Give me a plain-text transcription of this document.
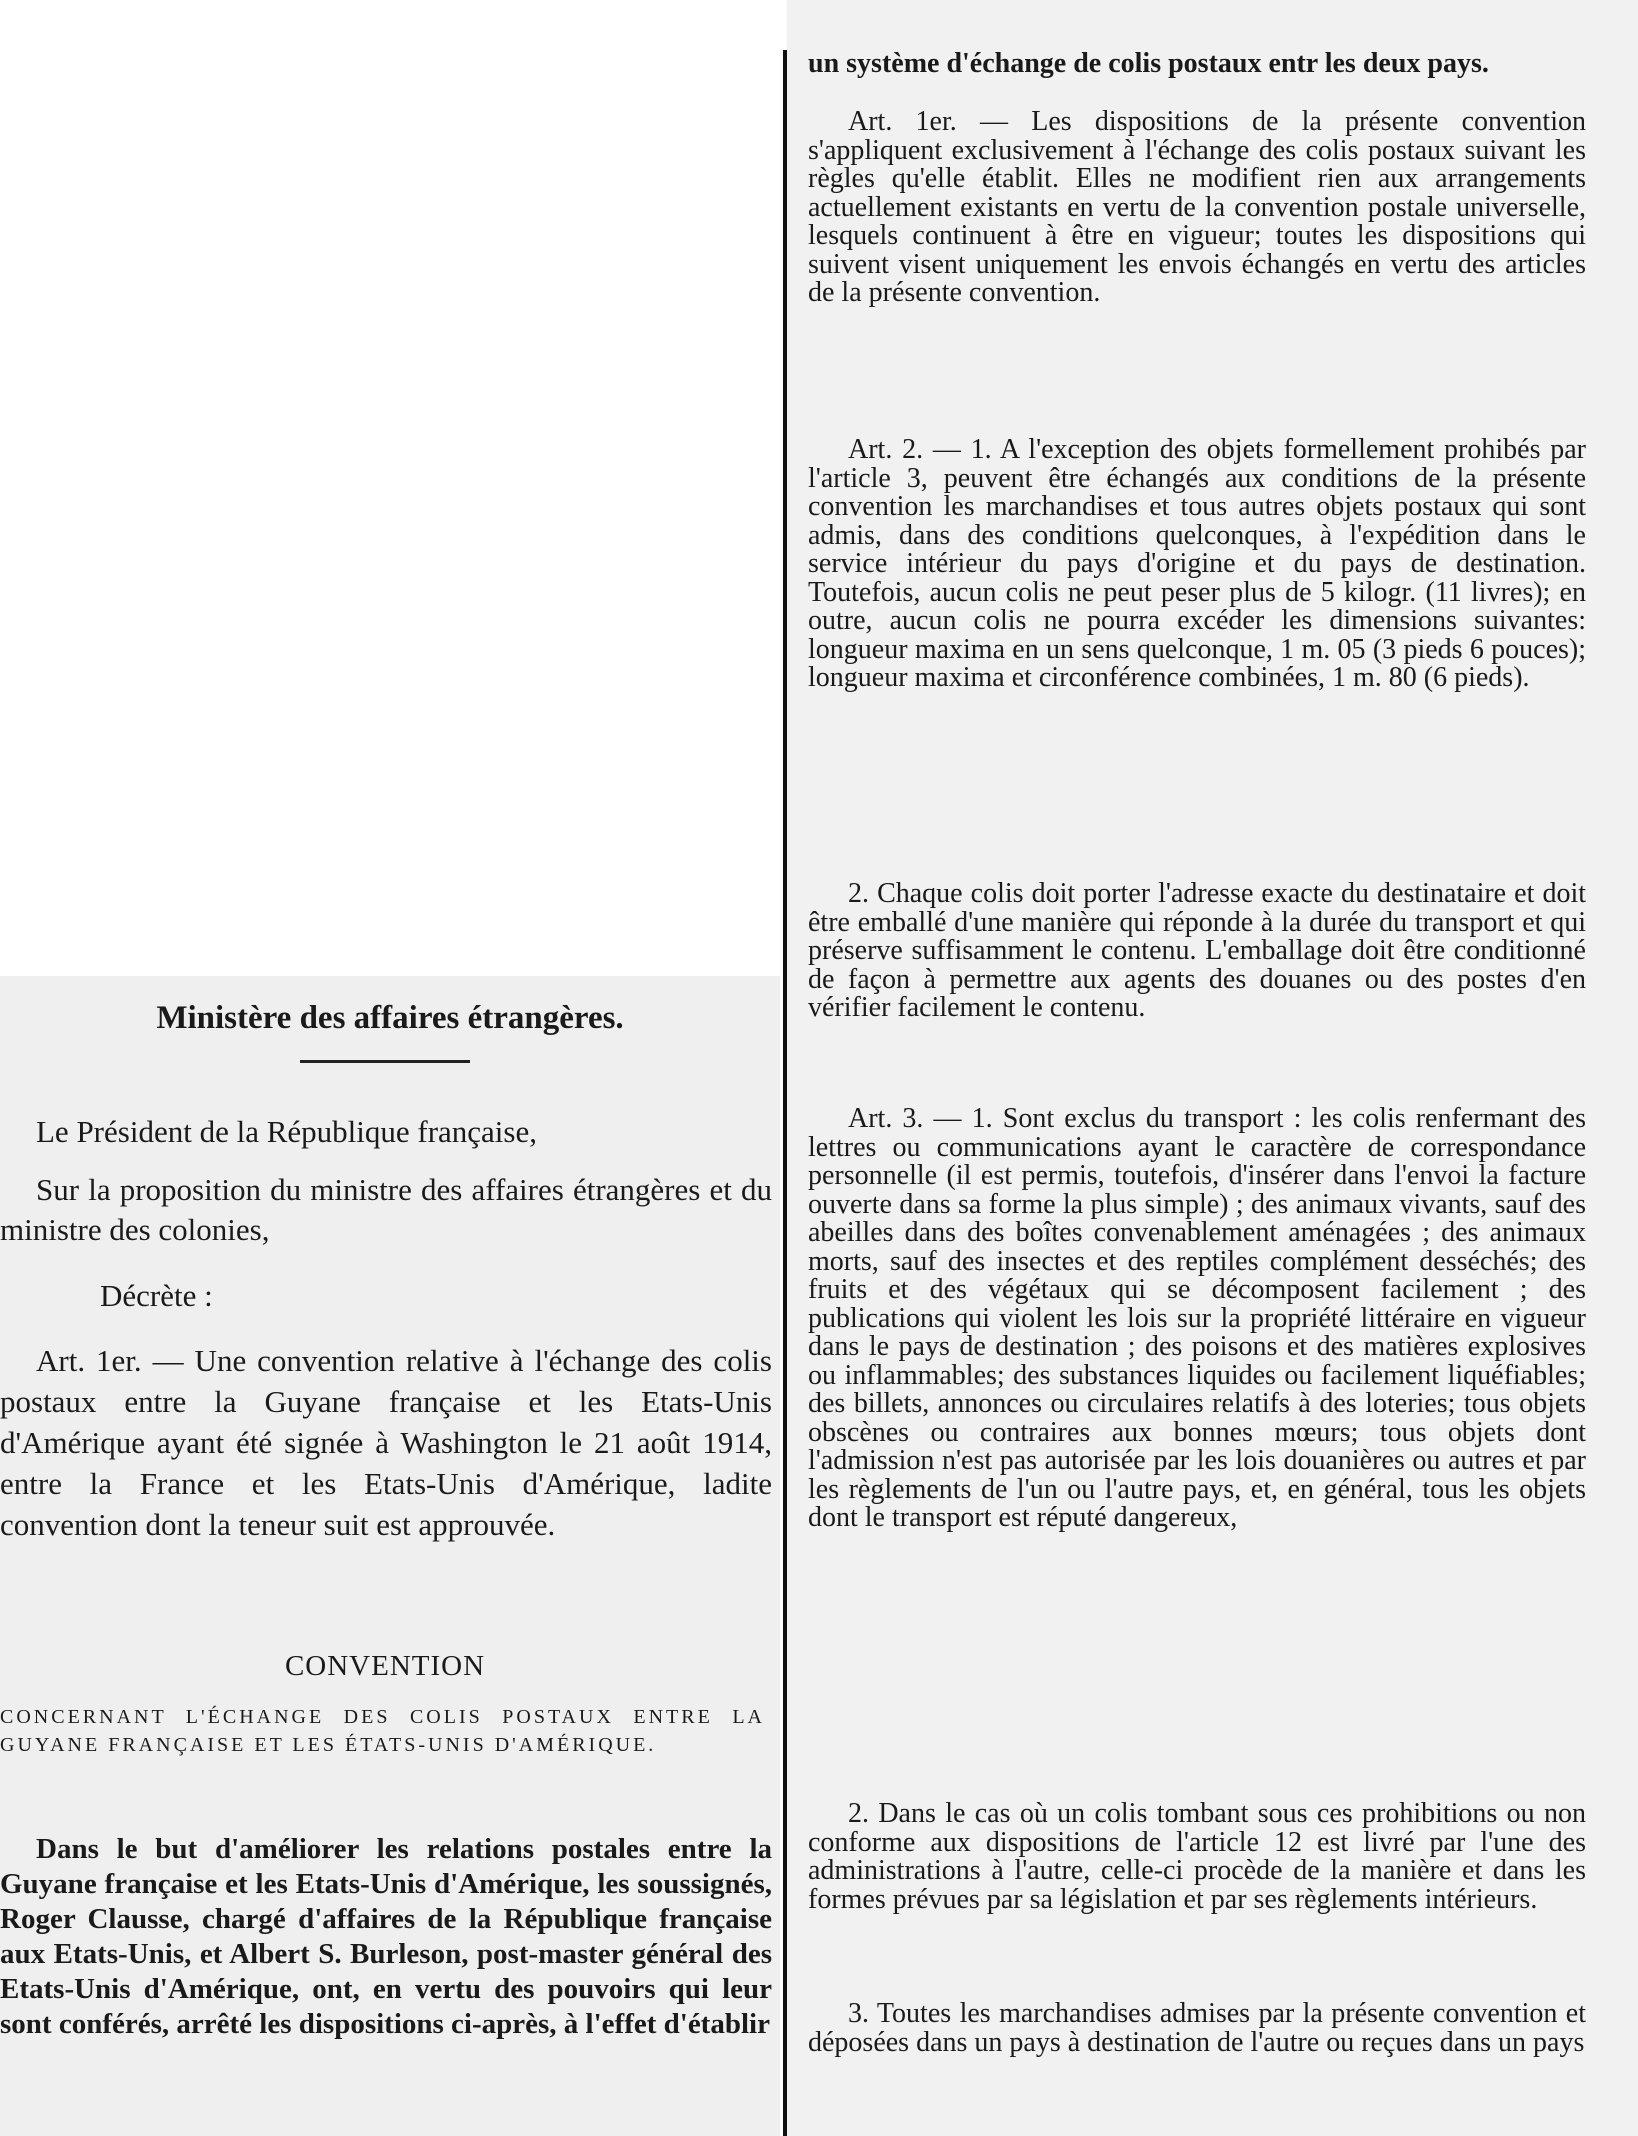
Ministère des affaires étrangères.

Le Président de la République française,

Sur la proposition du ministre des affaires étrangères et du ministre des colonies,

Décrète :

Art. 1er. — Une convention relative à l'échange des colis postaux entre la Guyane française et les Etats-Unis d'Amérique ayant été signée à Washington le 21 août 1914, entre la France et les Etats-Unis d'Amérique, ladite convention dont la teneur suit est approuvée.

CONVENTION

CONCERNANT L'ÉCHANGE DES COLIS POSTAUX ENTRE LA GUYANE FRANÇAISE ET LES ÉTATS-UNIS D'AMÉRIQUE.

Dans le but d'améliorer les relations postales entre la Guyane française et les Etats-Unis d'Amérique, les soussignés, Roger Clausse, chargé d'affaires de la République française aux Etats-Unis, et Albert S. Burleson, post-master général des Etats-Unis d'Amérique, ont, en vertu des pouvoirs qui leur sont conférés, arrêté les dispositions ci-après, à l'effet d'établir

un système d'échange de colis postaux entr les deux pays.

Art. 1er. — Les dispositions de la présente convention s'appliquent exclusivement à l'échange des colis postaux suivant les règles qu'elle établit. Elles ne modifient rien aux arrangements actuellement existants en vertu de la convention postale universelle, lesquels continuent à être en vigueur; toutes les dispositions qui suivent visent uniquement les envois échangés en vertu des articles de la présente convention.

Art. 2. — 1. A l'exception des objets formellement prohibés par l'article 3, peuvent être échangés aux conditions de la présente convention les marchandises et tous autres objets postaux qui sont admis, dans des conditions quelconques, à l'expédition dans le service intérieur du pays d'origine et du pays de destination. Toutefois, aucun colis ne peut peser plus de 5 kilogr. (11 livres); en outre, aucun colis ne pourra excéder les dimensions suivantes: longueur maxima en un sens quelconque, 1 m. 05 (3 pieds 6 pouces); longueur maxima et circonférence combinées, 1 m. 80 (6 pieds).

2. Chaque colis doit porter l'adresse exacte du destinataire et doit être emballé d'une manière qui réponde à la durée du transport et qui préserve suffisamment le contenu. L'emballage doit être conditionné de façon à permettre aux agents des douanes ou des postes d'en vérifier facilement le contenu.

Art. 3. — 1. Sont exclus du transport : les colis renfermant des lettres ou communications ayant le caractère de correspondance personnelle (il est permis, toutefois, d'insérer dans l'envoi la facture ouverte dans sa forme la plus simple) ; des animaux vivants, sauf des abeilles dans des boîtes convenablement aménagées ; des animaux morts, sauf des insectes et des reptiles complément desséchés; des fruits et des végétaux qui se décomposent facilement ; des publications qui violent les lois sur la propriété littéraire en vigueur dans le pays de destination ; des poisons et des matières explosives ou inflammables; des substances liquides ou facilement liquéfiables; des billets, annonces ou circulaires relatifs à des loteries; tous objets obscènes ou contraires aux bonnes mœurs; tous objets dont l'admission n'est pas autorisée par les lois douanières ou autres et par les règlements de l'un ou l'autre pays, et, en général, tous les objets dont le transport est réputé dangereux,

2. Dans le cas où un colis tombant sous ces prohibitions ou non conforme aux dispositions de l'article 12 est livré par l'une des administrations à l'autre, celle-ci procède de la manière et dans les formes prévues par sa législation et par ses règlements intérieurs.

3. Toutes les marchandises admises par la présente convention et déposées dans un pays à destination de l'autre ou reçues dans un pays
